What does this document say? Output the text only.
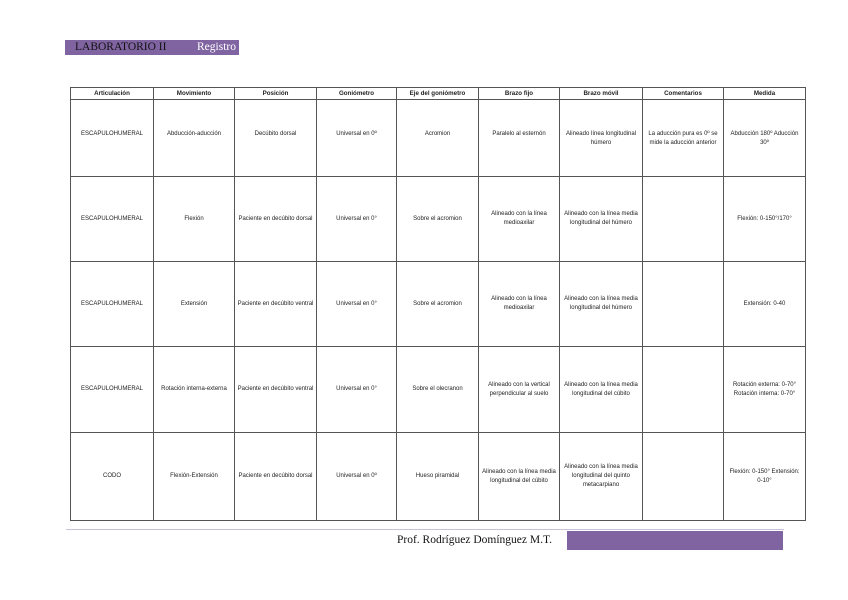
LABORATORIO II	Registro
Articulación	Movimiento	Posición	Goniómetro	Eje del goniómetro	Brazo fijo	Brazo móvil	Comentarios	Medida
ESCAPULOHUMERAL	Abducción-aducción	Decúbito dorsal	Universal en 0º	Acromion	Paralelo al esternón	Alineado línea longitudinal húmero	La aducción pura es 0º se mide la aducción anterior	Abducción 180º Aducción 30º
ESCAPULOHUMERAL	Flexión	Paciente en decúbito dorsal	Universal en 0°	Sobre el acromion	Alineado con la línea medioaxilar	Alineado con la línea media longitudinal del húmero		Flexión: 0-150°/170°
ESCAPULOHUMERAL	Extensión	Paciente en decúbito ventral	Universal en 0°	Sobre el acromion	Alineado con la línea medioaxilar	Alineado con la línea media longitudinal del húmero		Extensión: 0-40
ESCAPULOHUMERAL	Rotación interna-externa	Paciente en decúbito ventral	Universal en 0°	Sobre el olecranon	Alineado con la vertical perpendicular al suelo	Alineado con la línea media longitudinal del cúbito		Rotación externa: 0-70° Rotación interna: 0-70°
CODO	Flexión-Extensión	Paciente en decúbito dorsal	Universal en 0º	Hueso piramidal	Alineado con la línea media longitudinal del cúbito	Alineado con la línea media longitudinal del quinto metacarpiano		Flexión: 0-150° Extensión: 0-10°
Prof. Rodríguez Domínguez M.T.
